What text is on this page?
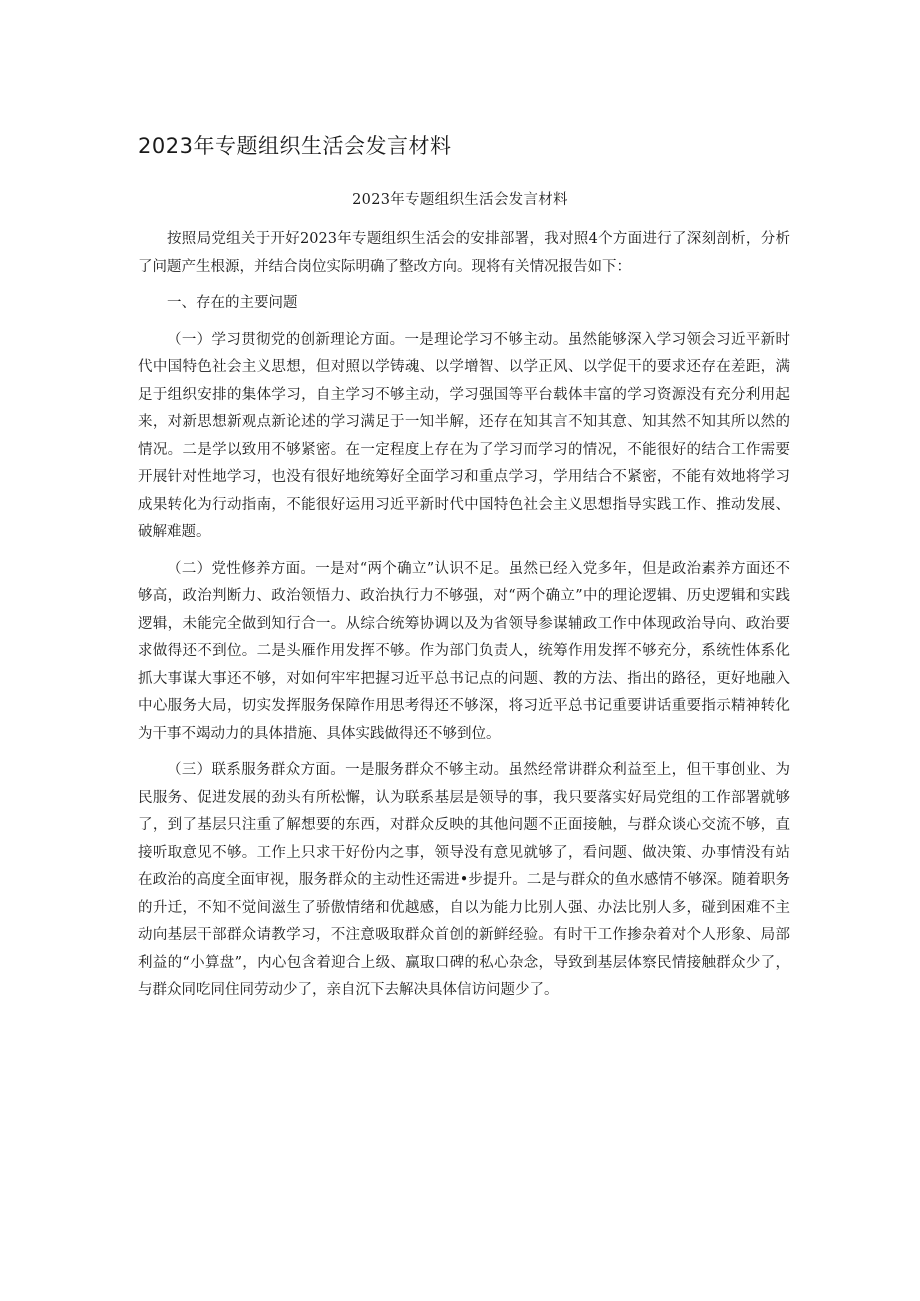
2023年专题组织生活会发言材料
2023年专题组织生活会发言材料

按照局党组关于开好2023年专题组织生活会的安排部署，我对照4个方面进行了深刻剖析，分析了问题产生根源，并结合岗位实际明确了整改方向。现将有关情况报告如下：

一、存在的主要问题

（一）学习贯彻党的创新理论方面。一是理论学习不够主动。虽然能够深入学习领会习近平新时代中国特色社会主义思想，但对照以学铸魂、以学增智、以学正风、以学促干的要求还存在差距，满足于组织安排的集体学习，自主学习不够主动，学习强国等平台载体丰富的学习资源没有充分利用起来，对新思想新观点新论述的学习满足于一知半解，还存在知其言不知其意、知其然不知其所以然的情况。二是学以致用不够紧密。在一定程度上存在为了学习而学习的情况，不能很好的结合工作需要开展针对性地学习，也没有很好地统筹好全面学习和重点学习，学用结合不紧密，不能有效地将学习成果转化为行动指南，不能很好运用习近平新时代中国特色社会主义思想指导实践工作、推动发展、破解难题。

（二）党性修养方面。一是对“两个确立”认识不足。虽然已经入党多年，但是政治素养方面还不够高，政治判断力、政治领悟力、政治执行力不够强，对“两个确立”中的理论逻辑、历史逻辑和实践逻辑，未能完全做到知行合一。从综合统筹协调以及为省领导参谋辅政工作中体现政治导向、政治要求做得还不到位。二是头雁作用发挥不够。作为部门负责人，统筹作用发挥不够充分，系统性体系化抓大事谋大事还不够，对如何牢牢把握习近平总书记点的问题、教的方法、指出的路径，更好地融入中心服务大局，切实发挥服务保障作用思考得还不够深，将习近平总书记重要讲话重要指示精神转化为干事不竭动力的具体措施、具体实践做得还不够到位。

（三）联系服务群众方面。一是服务群众不够主动。虽然经常讲群众利益至上，但干事创业、为民服务、促进发展的劲头有所松懈，认为联系基层是领导的事，我只要落实好局党组的工作部署就够了，到了基层只注重了解想要的东西，对群众反映的其他问题不正面接触，与群众谈心交流不够，直接听取意见不够。工作上只求干好份内之事，领导没有意见就够了，看问题、做决策、办事情没有站在政治的高度全面审视，服务群众的主动性还需进•步提升。二是与群众的鱼水感情不够深。随着职务的升迁，不知不觉间滋生了骄傲情绪和优越感，自以为能力比别人强、办法比别人多，碰到困难不主动向基层干部群众请教学习，不注意吸取群众首创的新鲜经验。有时干工作掺杂着对个人形象、局部利益的“小算盘”，内心包含着迎合上级、赢取口碑的私心杂念，导致到基层体察民情接触群众少了，与群众同吃同住同劳动少了，亲自沉下去解决具体信访问题少了。
